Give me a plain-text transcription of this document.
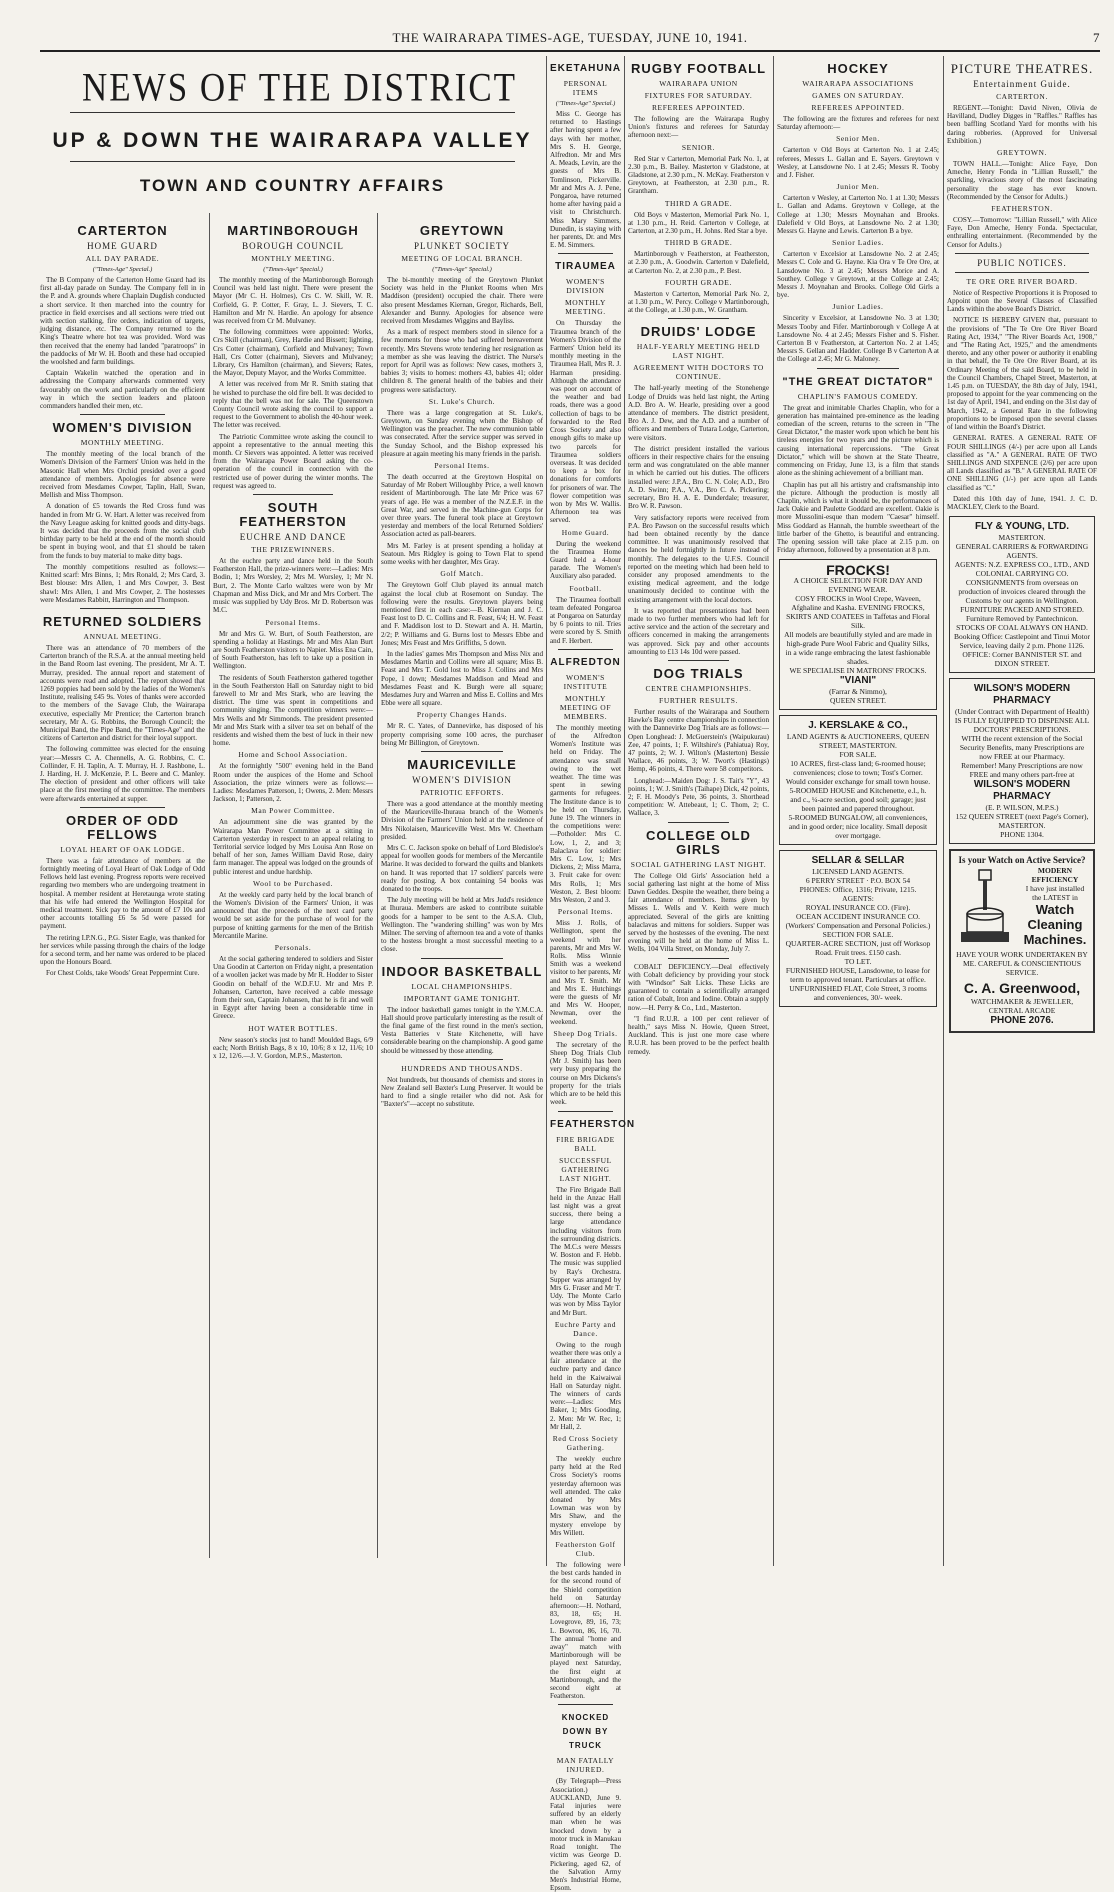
THE WAIRARAPA TIMES-AGE, TUESDAY, JUNE 10, 1941.	7
NEWS OF THE DISTRICT
UP & DOWN THE WAIRARAPA VALLEY
TOWN AND COUNTRY AFFAIRS
CARTERTON
HOME GUARD
ALL DAY PARADE.
("Times-Age" Special.)

The B Company of the Carterton Home Guard had its first all-day parade on Sunday. The Company fell in in the P. and A. grounds where Chaplain Dugdish conducted a short service. It then marched into the country for practice in field exercises and all sections were tried out with section stalking, fire orders, indication of targets, judging distance, etc. The Company returned to the King's Theatre where hot tea was provided. Word was then received that the enemy had landed "paratroops" in the paddocks of Mr W. H. Booth and these had occupied the woolshed and farm buildings.

Captain Wakelin watched the operation and in addressing the Company afterwards commented very favourably on the work and particularly on the efficient way in which the section leaders and platoon commanders handled their men, etc.

WOMEN'S DIVISION
MONTHLY MEETING.

The monthly meeting of the local branch of the Women's Division of the Farmers' Union was held in the Masonic Hall when Mrs Orchid presided over a good attendance of members. Apologies for absence were received from Mesdames Cowper, Taplin, Hall, Swan, Mellish and Miss Thompson.

A donation of £5 towards the Red Cross fund was handed in from Mr G. W. Hart. A letter was received from the Navy League asking for knitted goods and ditty-bags. It was decided that the proceeds from the social club birthday party to be held at the end of the month should be spent in buying wool, and that £1 should be taken from the funds to buy material to make ditty bags.

The monthly competitions resulted as follows:—Knitted scarf: Mrs Binns, 1; Mrs Ronald, 2; Mrs Card, 3. Best blouse: Mrs Allen, 1 and Mrs Cowper, 3. Best shawl: Mrs Allen, 1 and Mrs Cowper, 2. The hostesses were Mesdames Rabbitt, Harrington and Thompson.

RETURNED SOLDIERS
ANNUAL MEETING.

There was an attendance of 70 members of the Carterton branch of the R.S.A. at the annual meeting held in the Band Room last evening. The president, Mr A. T. Murray, presided. The annual report and statement of accounts were read and adopted. The report showed that 1269 poppies had been sold by the ladies of the Women's Institute, realising £45 9s. Votes of thanks were accorded to the members of the Savage Club, the Wairarapa executive, especially Mr Prentice; the Carterton branch secretary, Mr A. G. Robbins, the Borough Council; the Municipal Band, the Pipe Band, the "Times-Age" and the citizens of Carterton and district for their loyal support.

The following committee was elected for the ensuing year:—Messrs C. A. Chennells, A. G. Robbins, C. C. Collinder, F. H. Taplin, A. T. Murray, H. J. Rashbone, L. J. Harding, H. J. McKenzie, P. L. Beere and C. Manley. The election of president and other officers will take place at the first meeting of the committee. The members were afterwards entertained at supper.

ORDER OF ODD FELLOWS
LOYAL HEART OF OAK LODGE.

There was a fair attendance of members at the fortnightly meeting of Loyal Heart of Oak Lodge of Odd Fellows held last evening. Progress reports were received regarding two members who are undergoing treatment in hospital. A member resident at Heretaunga wrote stating that his wife had entered the Wellington Hospital for medical treatment. Sick pay to the amount of £7 10s and other accounts totalling £6 5s 5d were passed for payment.

The retiring I.P.N.G., P.G. Sister Eagle, was thanked for her services while passing through the chairs of the lodge for a second term, and her name was ordered to be placed upon the Honours Board.

For Chest Colds, take Woods' Great Peppermint Cure.

MARTINBOROUGH
BOROUGH COUNCIL
MONTHLY MEETING.
("Times-Age" Special.)

The monthly meeting of the Martinborough Borough Council was held last night. There were present the Mayor (Mr C. H. Holmes), Crs C. W. Skill, W. R. Corfield, G. P. Cotter, F. Gray, L. J. Sievers, T. C. Hamilton and Mr N. Hardie. An apology for absence was received from Cr M. Mulvaney.

The following committees were appointed: Works, Crs Skill (chairman), Grey, Hardie and Bissett; lighting, Crs Cotter (chairman), Corfield and Mulvaney; Town Hall, Crs Cotter (chairman), Sievers and Mulvaney; Library, Crs Hamilton (chairman), and Sievers; Rates, the Mayor, Deputy Mayor, and the Works Committee.

A letter was received from Mr R. Smith stating that he wished to purchase the old fire bell. It was decided to reply that the bell was not for sale. The Queenstown County Council wrote asking the council to support a request to the Government to abolish the 40-hour week. The letter was received.

The Patriotic Committee wrote asking the council to appoint a representative to the annual meeting this month. Cr Sievers was appointed. A letter was received from the Wairarapa Power Board asking the co-operation of the council in connection with the restricted use of power during the winter months. The request was agreed to.

SOUTH FEATHERSTON
EUCHRE AND DANCE
THE PRIZEWINNERS.

At the euchre party and dance held in the South Featherston Hall, the prize-winners were:—Ladies: Mrs Bodin, 1; Mrs Worsley, 2; Mrs M. Worsley, 1; Mr N. Burt, 2. The Monte Carlo waltzes were won by Mr Chapman and Miss Dick, and Mr and Mrs Corbert. The music was supplied by Udy Bros. Mr D. Robertson was M.C.

Personal Items.

Mr and Mrs G. W. Burt, of South Featherston, are spending a holiday at Hastings. Mr and Mrs Alan Burt are South Featherston visitors to Napier. Miss Ena Cain, of South Featherston, has left to take up a position in Wellington.

The residents of South Featherston gathered together in the South Featherston Hall on Saturday night to bid farewell to Mr and Mrs Stark, who are leaving the district. The time was spent in competitions and community singing. The competition winners were:—Mrs Wells and Mr Simmonds. The president presented Mr and Mrs Stark with a silver tea set on behalf of the residents and wished them the best of luck in their new home.

Home and School Association.

At the fortnightly "500" evening held in the Band Room under the auspices of the Home and School Association, the prize winners were as follows:—Ladies: Mesdames Patterson, 1; Owens, 2. Men: Messrs Jackson, 1; Patterson, 2.

Man Power Committee.

An adjournment sine die was granted by the Wairarapa Man Power Committee at a sitting in Carterton yesterday in respect to an appeal relating to Territorial service lodged by Mrs Louisa Ann Rose on behalf of her son, James William David Rose, dairy farm manager. The appeal was lodged on the grounds of public interest and undue hardship.

Wool to be Purchased.

At the weekly card party held by the local branch of the Women's Division of the Farmers' Union, it was announced that the proceeds of the next card party would be set aside for the purchase of wool for the purpose of knitting garments for the men of the British Mercantile Marine.

Personals.

At the social gathering tendered to soldiers and Sister Una Goodin at Carterton on Friday night, a presentation of a woollen jacket was made by Mr R. Hodder to Sister Goodin on behalf of the W.D.F.U. Mr and Mrs P. Johansen, Carterton, have received a cable message from their son, Captain Johansen, that he is fit and well in Egypt after having been a considerable time in Greece.

HOT WATER BOTTLES.

New season's stocks just to hand! Moulded Bags, 6/9 each; North British Bags, 8 x 10, 10/6; 8 x 12, 11/6; 10 x 12, 12/6.—J. V. Gordon, M.P.S., Masterton.

GREYTOWN
PLUNKET SOCIETY
MEETING OF LOCAL BRANCH.
("Times-Age" Special.)

The bi-monthly meeting of the Greytown Plunket Society was held in the Plunket Rooms when Mrs Maddison (president) occupied the chair. There were also present Mesdames Kiernan, Gregor, Richards, Bell, Alexander and Bunny. Apologies for absence were received from Mesdames Wiggins and Bayliss.

As a mark of respect members stood in silence for a few moments for those who had suffered bereavement recently. Mrs Stevens wrote tendering her resignation as a member as she was leaving the district. The Nurse's report for April was as follows: New cases, mothers 3, babies 3; visits to homes: mothers 43, babies 41; older children 8. The general health of the babies and their progress were satisfactory.

St. Luke's Church.

There was a large congregation at St. Luke's, Greytown, on Sunday evening when the Bishop of Wellington was the preacher. The new communion table was consecrated. After the service supper was served in the Sunday School, and the Bishop expressed his pleasure at again meeting his many friends in the parish.

Personal Items.

The death occurred at the Greytown Hospital on Saturday of Mr Robert Willoughby Price, a well known resident of Martinborough. The late Mr Price was 67 years of age. He was a member of the N.Z.E.F. in the Great War, and served in the Machine-gun Corps for over three years. The funeral took place at Greytown yesterday and members of the local Returned Soldiers' Association acted as pall-bearers.

Mrs M. Farley is at present spending a holiday at Seatoun. Mrs Ridgley is going to Town Flat to spend some weeks with her daughter, Mrs Gray.

Golf Match.

The Greytown Golf Club played its annual match against the local club at Rosemont on Sunday. The following were the results. Greytown players being mentioned first in each case:—B. Kiernan and J. C. Feast lost to D. C. Collins and R. Feast, 6/4; H. W. Feast and F. Maddison lost to D. Stewart and A. H. Martin, 2/2; P. Williams and G. Burns lost to Messrs Ebbe and Jones; Mrs Feast and Mrs Griffiths, 5 down.

In the ladies' games Mrs Thompson and Miss Nix and Mesdames Martin and Collins were all square; Miss B. Feast and Mrs T. Gold lost to Miss J. Collins and Mrs Pope, 1 down; Mesdames Maddison and Mead and Mesdames Feast and K. Burgh were all square; Mesdames Jury and Warren and Miss E. Collins and Mrs Ebbe were all square.

Property Changes Hands.

Mr R. C. Yates, of Dannevirke, has disposed of his property comprising some 100 acres, the purchaser being Mr Billington, of Greytown.

MAURICEVILLE
WOMEN'S DIVISION
PATRIOTIC EFFORTS.

There was a good attendance at the monthly meeting of the Mauriceville-Ihuraua branch of the Women's Division of the Farmers' Union held at the residence of Mrs Nikolaisen, Mauriceville West. Mrs W. Cheetham presided.

Mrs C. C. Jackson spoke on behalf of Lord Bledisloe's appeal for woollen goods for members of the Mercantile Marine. It was decided to forward the quilts and blankets on hand. It was reported that 17 soldiers' parcels were ready for posting. A box containing 54 books was donated to the troops.

The July meeting will be held at Mrs Judd's residence at Ihuraua. Members are asked to contribute suitable goods for a hamper to be sent to the A.S.A. Club, Wellington. The "wandering shilling" was won by Mrs Milner. The serving of afternoon tea and a vote of thanks to the hostess brought a most successful meeting to a close.

INDOOR BASKETBALL
LOCAL CHAMPIONSHIPS.
IMPORTANT GAME TONIGHT.

The indoor basketball games tonight in the Y.M.C.A. Hall should prove particularly interesting as the result of the final game of the first round in the men's section, Vesta Batteries v State Kitchenette, will have considerable bearing on the championship. A good game should be witnessed by those attending.

HUNDREDS AND THOUSANDS.

Not hundreds, but thousands of chemists and stores in New Zealand sell Baxter's Lung Preserver. It would be hard to find a single retailer who did not. Ask for "Baxter's"—accept no substitute.

EKETAHUNA
PERSONAL ITEMS
("Times-Age" Special.)

Miss C. George has returned to Hastings after having spent a few days with her mother, Mrs S. H. George, Alfredton. Mr and Mrs A. Meads, Levin, are the guests of Mrs B. Tomlinson, Pickerville. Mr and Mrs A. J. Pene, Pongaroa, have returned home after having paid a visit to Christchurch. Miss Mary Simmers, Dunedin, is staying with her parents, Dr. and Mrs E. M. Simmers.

TIRAUMEA
WOMEN'S DIVISION
MONTHLY MEETING.

On Thursday the Tiraumea branch of the Women's Division of the Farmers' Union held its monthly meeting in the Tiraumea Hall, Mrs R. J. Harman presiding. Although the attendance was poor on account of the weather and bad roads, there was a good collection of bags to be forwarded to the Red Cross Society and also enough gifts to make up two parcels for Tiraumea soldiers overseas. It was decided to keep a box for donations for comforts for prisoners of war. The flower competition was won by Mrs W. Wallis. Afternoon tea was served.

Home Guard.

During the weekend the Tiraumea Home Guard held a 4-hour parade. The Women's Auxiliary also paraded.

Football.

The Tiraumea football team defeated Pongaroa at Pongaroa on Saturday by 6 points to nil. Tries were scored by S. Smith and F. Herbert.

ALFREDTON
WOMEN'S INSTITUTE
MONTHLY MEETING OF MEMBERS.

The monthly meeting of the Alfredton Women's Institute was held on Friday. The attendance was small owing to the wet weather. The time was spent in sewing garments for refugees. The Institute dance is to be held on Thursday, June 19. The winners in the competitions were:—Potholder: Mrs C. Low, 1, 2, and 3; Balaclava for soldier: Mrs C. Low, 1; Mrs Dickens, 2; Miss Marra, 3. Fruit cake for oven: Mrs Rolls, 1; Mrs Weston, 2. Best bloom: Mrs Weston, 2 and 3.

Personal Items.

Miss J. Rolls, of Wellington, spent the weekend with her parents, Mr and Mrs W. Rolls. Miss Winnie Smith was a weekend visitor to her parents, Mr and Mrs T. Smith. Mr and Mrs E. Hutchings were the guests of Mr and Mrs W. Hooper, Newman, over the weekend.

Sheep Dog Trials.

The secretary of the Sheep Dog Trials Club (Mr J. Smith) has been very busy preparing the course on Mrs Dickens's property for the trials which are to be held this week.

FEATHERSTON
FIRE BRIGADE BALL
SUCCESSFUL GATHERING LAST NIGHT.

The Fire Brigade Ball held in the Anzac Hall last night was a great success, there being a large attendance including visitors from the surrounding districts. The M.C.s were Messrs W. Boston and F. Hebb. The music was supplied by Ray's Orchestra. Supper was arranged by Mrs G. Fraser and Mr T. Udy. The Monte Carlo was won by Miss Taylor and Mr Burt.

Euchre Party and Dance.

Owing to the rough weather there was only a fair attendance at the euchre party and dance held in the Kaiwaiwai Hall on Saturday night. The winners of cards were:—Ladies: Mrs Baker, 1; Mrs Gooding, 2. Men: Mr W. Rec, 1; Mr Hall, 2.

Red Cross Society Gathering.

The weekly euchre party held at the Red Cross Society's rooms yesterday afternoon was well attended. The cake donated by Mrs Lowman was won by Mrs Shaw, and the mystery envelope by Mrs Willett.

Featherston Golf Club.

The following were the best cards handed in for the second round of the Shield competition held on Saturday afternoon:—H. Nothard, 83, 18, 65; H. Lovegrove, 89, 16, 73; L. Bowron, 86, 16, 70. The annual "home and away" match with Martinborough will be played next Saturday, the first eight at Martinborough, and the second eight at Featherston.

KNOCKED DOWN BY TRUCK
MAN FATALLY INJURED.

(By Telegraph—Press Association.) AUCKLAND, June 9. Fatal injuries were suffered by an elderly man when he was knocked down by a motor truck in Manukau Road tonight. The victim was George D. Pickering, aged 62, of the Salvation Army Men's Industrial Home, Epsom.

RUGBY FOOTBALL
WAIRARAPA UNION
FIXTURES FOR SATURDAY.
REFEREES APPOINTED.

The following are the Wairarapa Rugby Union's fixtures and referees for Saturday afternoon next:—

SENIOR.

Red Star v Carterton, Memorial Park No. 1, at 2.30 p.m., B. Bailey. Masterton v Gladstone, at Gladstone, at 2.30 p.m., N. McKay. Featherston v Greytown, at Featherston, at 2.30 p.m., R. Grantham.

THIRD A GRADE.

Old Boys v Masterton, Memorial Park No. 1, at 1.30 p.m., H. Reid. Carterton v College, at Carterton, at 2.30 p.m., H. Johns. Red Star a bye.

THIRD B GRADE.

Martinborough v Featherston, at Featherston, at 2.30 p.m., A. Goodwin. Carterton v Dalefield, at Carterton No. 2, at 2.30 p.m., P. Best.

FOURTH GRADE.

Masterton v Carterton, Memorial Park No. 2, at 1.30 p.m., W. Percy. College v Martinborough, at the College, at 1.30 p.m., W. Grantham.

DRUIDS' LODGE
HALF-YEARLY MEETING HELD LAST NIGHT.
AGREEMENT WITH DOCTORS TO CONTINUE.

The half-yearly meeting of the Stonehenge Lodge of Druids was held last night, the Arting A.D. Bro A. W. Hearle, presiding over a good attendance of members. The district president, Bro A. J. Dew, and the A.D. and a number of officers and members of Tutara Lodge, Carterton, were visitors.

The district president installed the various officers in their respective chairs for the ensuing term and was congratulated on the able manner in which he carried out his duties. The officers installed were: J.P.A., Bro C. N. Cole; A.D., Bro A. D. Swinn; P.A., V.A., Bro C. A. Pickering; secretary, Bro H. A. E. Dunderdale; treasurer, Bro W. R. Pawson.

Very satisfactory reports were received from P.A. Bro Pawson on the successful results which had been obtained recently by the dance committee. It was unanimously resolved that dances be held fortnightly in future instead of monthly. The delegates to the U.F.S. Council reported on the meeting which had been held to consider any proposed amendments to the existing medical agreement, and the lodge unanimously decided to continue with the existing arrangement with the local doctors.

It was reported that presentations had been made to two further members who had left for active service and the action of the secretary and officers concerned in making the arrangements was approved. Sick pay and other accounts amounting to £13 14s 10d were passed.

DOG TRIALS
CENTRE CHAMPIONSHIPS.
FURTHER RESULTS.

Further results of the Wairarapa and Southern Hawke's Bay centre championships in connection with the Dannevirke Dog Trials are as follows:—Open Longhead: J. McGuerstein's (Waipukurau) Zee, 47 points, 1; F. Wiltshire's (Pahiatua) Roy, 47 points, 2; W. J. Wilton's (Masterton) Bessie Wallace, 46 points, 3; W. Twort's (Hastings) Hemp, 46 points, 4. There were 58 competitors.

Longhead:—Maiden Dog: J. S. Tait's "Y", 43 points, 1; W. J. Smith's (Taihape) Dick, 42 points, 2; F. H. Moody's Pete, 36 points, 3. Shorthead competition: W. Attebeaut, 1; C. Thom, 2; C. Wallace, 3.

COLLEGE OLD GIRLS
SOCIAL GATHERING LAST NIGHT.

The College Old Girls' Association held a social gathering last night at the home of Miss Dawn Geddes. Despite the weather, there being a fair attendance of members. Items given by Misses L. Wells and V. Keith were much appreciated. Several of the girls are knitting balaclavas and mittens for soldiers. Supper was served by the hostesses of the evening. The next evening will be held at the home of Miss L. Wells, 104 Villa Street, on Monday, July 7.

COBALT DEFICIENCY.—Deal effectively with Cobalt deficiency by providing your stock with "Windsor" Salt Licks. These Licks are guaranteed to contain a scientifically arranged ration of Cobalt, Iron and Iodine. Obtain a supply now.—H. Perry & Co., Ltd., Masterton.

"I find R.U.R. a 100 per cent reliever of health," says Miss N. Howie, Queen Street, Auckland. This is just one more case where R.U.R. has been proved to be the perfect health remedy.

HOCKEY
WAIRARAPA ASSOCIATIONS
GAMES ON SATURDAY.
REFEREES APPOINTED.

The following are the fixtures and referees for next Saturday afternoon:—

Senior Men.

Carterton v Old Boys at Carterton No. 1 at 2.45; referees, Messrs L. Gallan and E. Sayers. Greytown v Wesley, at Lansdowne No. 1 at 2.45; Messrs R. Tooby and J. Fisher.

Junior Men.

Carterton v Wesley, at Carterton No. 1 at 1.30; Messrs L. Gallan and Adams. Greytown v College, at the College at 1.30; Messrs Moynahan and Brooks. Dalefield v Old Boys, at Lansdowne No. 2 at 1.30; Messrs G. Hayne and Lewis. Carterton B a bye.

Senior Ladies.

Carterton v Excelsior at Lansdowne No. 2 at 2.45; Messrs C. Cole and G. Hayne. Kia Ora v Te Ore Ore, at Lansdowne No. 3 at 2.45; Messrs Morice and A. Southey. College v Greytown, at the College at 2.45; Messrs J. Moynahan and Brooks. College Old Girls a bye.

Junior Ladies.

Sincerity v Excelsior, at Lansdowne No. 3 at 1.30; Messrs Tooby and Fifer. Martinborough v College A at Lansdowne No. 4 at 2.45; Messrs Fisher and S. Fisher. Carterton B v Featherston, at Carterton No. 2 at 1.45; Messrs S. Gellan and Hadder. College B v Carterton A at the College at 2.45; Mr G. Maloney.

"THE GREAT DICTATOR"
CHAPLIN'S FAMOUS COMEDY.

The great and inimitable Charles Chaplin, who for a generation has maintained pre-eminence as the leading comedian of the screen, returns to the screen in "The Great Dictator," the master work upon which he bent his tireless energies for two years and the picture which is causing international repercussions. "The Great Dictator," which will be shown at the State Theatre, commencing on Friday, June 13, is a film that stands alone as the shining achievement of a brilliant man.

Chaplin has put all his artistry and craftsmanship into the picture. Although the production is mostly all Chaplin, which is what it should be, the performances of Jack Oakie and Paulette Goddard are excellent. Oakie is more Mussolini-esque than modern "Caesar" himself. Miss Goddard as Hannah, the humble sweetheart of the little barber of the Ghetto, is beautiful and entrancing. The opening session will take place at 2.15 p.m. on Friday afternoon, followed by a presentation at 8 p.m.

FROCKS!
A CHOICE SELECTION FOR DAY AND EVENING WEAR.
COSY FROCKS in Wool Crepe, Waveen, Afghaline and Kasha. EVENING FROCKS, SKIRTS AND COATEES in Taffetas and Floral Silk.
All models are beautifully styled and are made in high-grade Pure Wool Fabric and Quality Silks, in a wide range embracing the latest fashionable shades.
WE SPECIALISE IN MATRONS' FROCKS.
"VIANI"
(Farrar & Nimmo),
QUEEN STREET.
J. KERSLAKE & CO.,
LAND AGENTS & AUCTIONEERS, QUEEN STREET, MASTERTON.
FOR SALE.
10 ACRES, first-class land; 6-roomed house; conveniences; close to town; Tost's Corner. Would consider exchange for small town house.
5-ROOMED HOUSE and Kitchenette, e.l., h. and c., ¼-acre section, good soil; garage; just been painted and papered throughout.
5-ROOMED BUNGALOW, all conveniences, and in good order; nice locality. Small deposit over mortgage.
SELLAR & SELLAR
LICENSED LAND AGENTS.
6 PERRY STREET · P.O. BOX 54
PHONES: Office, 1316; Private, 1215.
AGENTS:
ROYAL INSURANCE CO. (Fire).
OCEAN ACCIDENT INSURANCE CO. (Workers' Compensation and Personal Policies.)
SECTION FOR SALE.
QUARTER-ACRE SECTION, just off Worksop Road. Fruit trees. £150 cash.
TO LET.
FURNISHED HOUSE, Lansdowne, to lease for term to approved tenant. Particulars at office.
UNFURNISHED FLAT, Cole Street, 3 rooms and conveniences, 30/- week.
PICTURE THEATRES.
Entertainment Guide.
CARTERTON.

REGENT.—Tonight: David Niven, Olivia de Havilland, Dudley Digges in "Raffles." Raffles has been baffling Scotland Yard for months with his daring robberies. (Approved for Universal Exhibition.)

GREYTOWN.

TOWN HALL.—Tonight: Alice Faye, Don Ameche, Henry Fonda in "Lillian Russell," the sparkling, vivacious story of the most fascinating personality the stage has ever known. (Recommended by the Censor for Adults.)

FEATHERSTON.

COSY.—Tomorrow: "Lillian Russell," with Alice Faye, Don Ameche, Henry Fonda. Spectacular, enthralling entertainment. (Recommended by the Censor for Adults.)

PUBLIC NOTICES.
TE ORE ORE RIVER BOARD.

Notice of Respective Proportions it is Proposed to Appoint upon the Several Classes of Classified Lands within the above Board's District.

NOTICE IS HEREBY GIVEN that, pursuant to the provisions of "The Te Ore Ore River Board Rating Act, 1934," "The River Boards Act, 1908," and "The Rating Act, 1925," and the amendments thereto, and any other power or authority it enabling in that behalf, the Te Ore Ore River Board, at its Ordinary Meeting of the said Board, to be held in the Council Chambers, Chapel Street, Masterton, at 1.45 p.m. on TUESDAY, the 8th day of July, 1941, proposed to appoint for the year commencing on the 1st day of April, 1941, and ending on the 31st day of March, 1942, a General Rate in the following proportions to be imposed upon the several classes of land within the Board's District.

GENERAL RATES. A GENERAL RATE OF FOUR SHILLINGS (4/-) per acre upon all Lands classified as "A." A GENERAL RATE OF TWO SHILLINGS AND SIXPENCE (2/6) per acre upon all Lands classified as "B." A GENERAL RATE OF ONE SHILLING (1/-) per acre upon all Lands classified as "C."

Dated this 10th day of June, 1941. J. C. D. MACKLEY, Clerk to the Board.

FLY & YOUNG, LTD.
MASTERTON.
GENERAL CARRIERS & FORWARDING AGENTS.
AGENTS: N.Z. EXPRESS CO., LTD., AND COLONIAL CARRYING CO.
CONSIGNMENTS from overseas on production of invoices cleared through the Customs by our agents in Wellington.
FURNITURE PACKED AND STORED. Furniture Removed by Pantechnicon. STOCKS OF COAL ALWAYS ON HAND.
Booking Office: Castlepoint and Tinui Motor Service, leaving daily 2 p.m. Phone 1126.
OFFICE: Corner BANNISTER ST. and DIXON STREET.
WILSON'S MODERN PHARMACY
(Under Contract with Department of Health)
IS FULLY EQUIPPED TO DISPENSE ALL DOCTORS' PRESCRIPTIONS.
WITH the recent extension of the Social Security Benefits, many Prescriptions are now FREE at our Pharmacy.
Remember! Many Prescriptions are now FREE and many others part-free at
WILSON'S MODERN PHARMACY
(E. P. WILSON, M.P.S.)
152 QUEEN STREET (next Page's Corner), MASTERTON.
PHONE 1304.
Is your Watch on Active Service?
MODERN EFFICIENCY
I have just installed the LATEST in
Watch Cleaning Machines.
HAVE YOUR WORK UNDERTAKEN BY ME. CAREFUL & CONSCIENTIOUS SERVICE.
C. A. Greenwood,
WATCHMAKER & JEWELLER, CENTRAL ARCADE
PHONE 2076.
